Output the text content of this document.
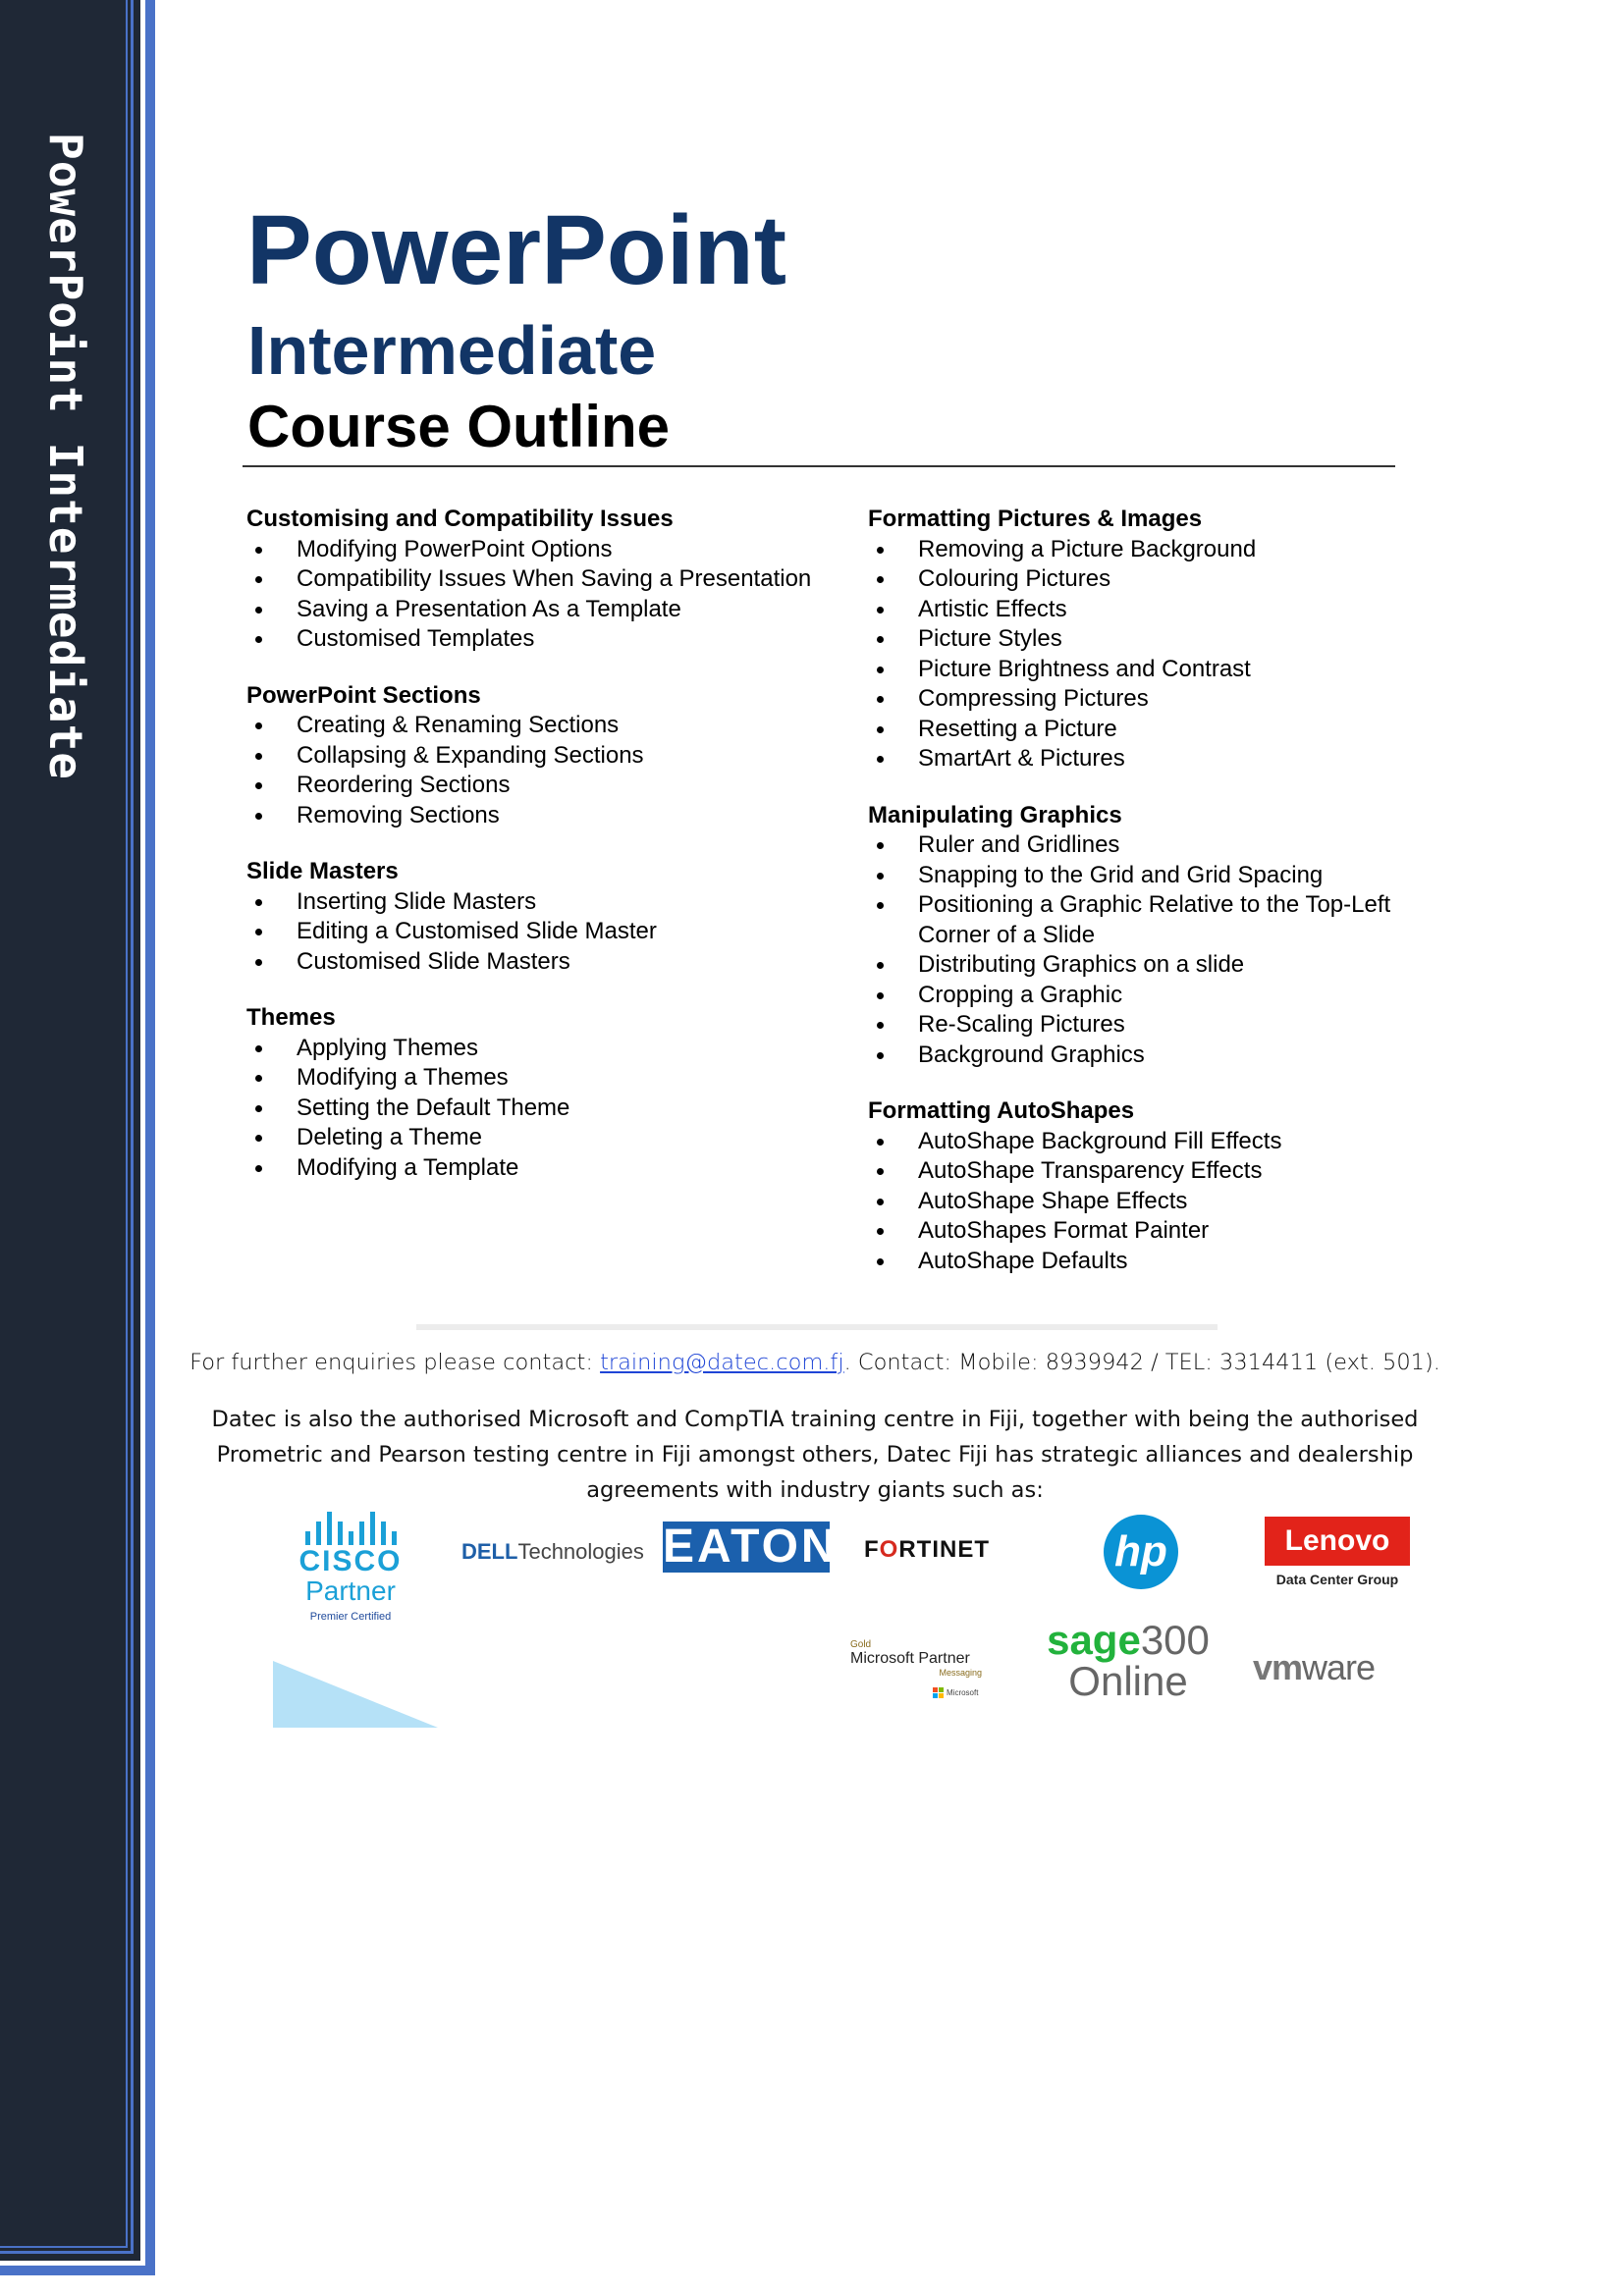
PowerPoint Intermediate PowerPoint
Intermediate
Course Outline
Customising and Compatibility Issues
Modifying PowerPoint Options
Compatibility Issues When Saving a Presentation
Saving a Presentation As a Template
Customised Templates
PowerPoint Sections
Creating & Renaming Sections
Collapsing & Expanding Sections
Reordering Sections
Removing Sections
Slide Masters
Inserting Slide Masters
Editing a Customised Slide Master
Customised Slide Masters
Themes
Applying Themes
Modifying a Themes
Setting the Default Theme
Deleting a Theme
Modifying a Template
Formatting Pictures & Images
Removing a Picture Background
Colouring Pictures
Artistic Effects
Picture Styles
Picture Brightness and Contrast
Compressing Pictures
Resetting a Picture
SmartArt & Pictures
Manipulating Graphics
Ruler and Gridlines
Snapping to the Grid and Grid Spacing
Positioning a Graphic Relative to the Top-Left Corner of a Slide
Distributing Graphics on a slide
Cropping a Graphic
Re-Scaling Pictures
Background Graphics
Formatting AutoShapes
AutoShape Background Fill Effects
AutoShape Transparency Effects
AutoShape Shape Effects
AutoShapes Format Painter
AutoShape Defaults
For further enquiries please contact: training@datec.com.fj. Contact: Mobile: 8939942 / TEL: 3314411 (ext. 501).
Datec is also the authorised Microsoft and CompTIA training centre in Fiji, together with being the authorised Prometric and Pearson testing centre in Fiji amongst others, Datec Fiji has strategic alliances and dealership agreements with industry giants such as:
CISCO
Partner
Premier Certified
DELLTechnologies EATON FORTINET	hp	Lenovo
Data Center Group
Gold
Microsoft Partner
Messaging
Microsoft
sage300
Online	vmware
